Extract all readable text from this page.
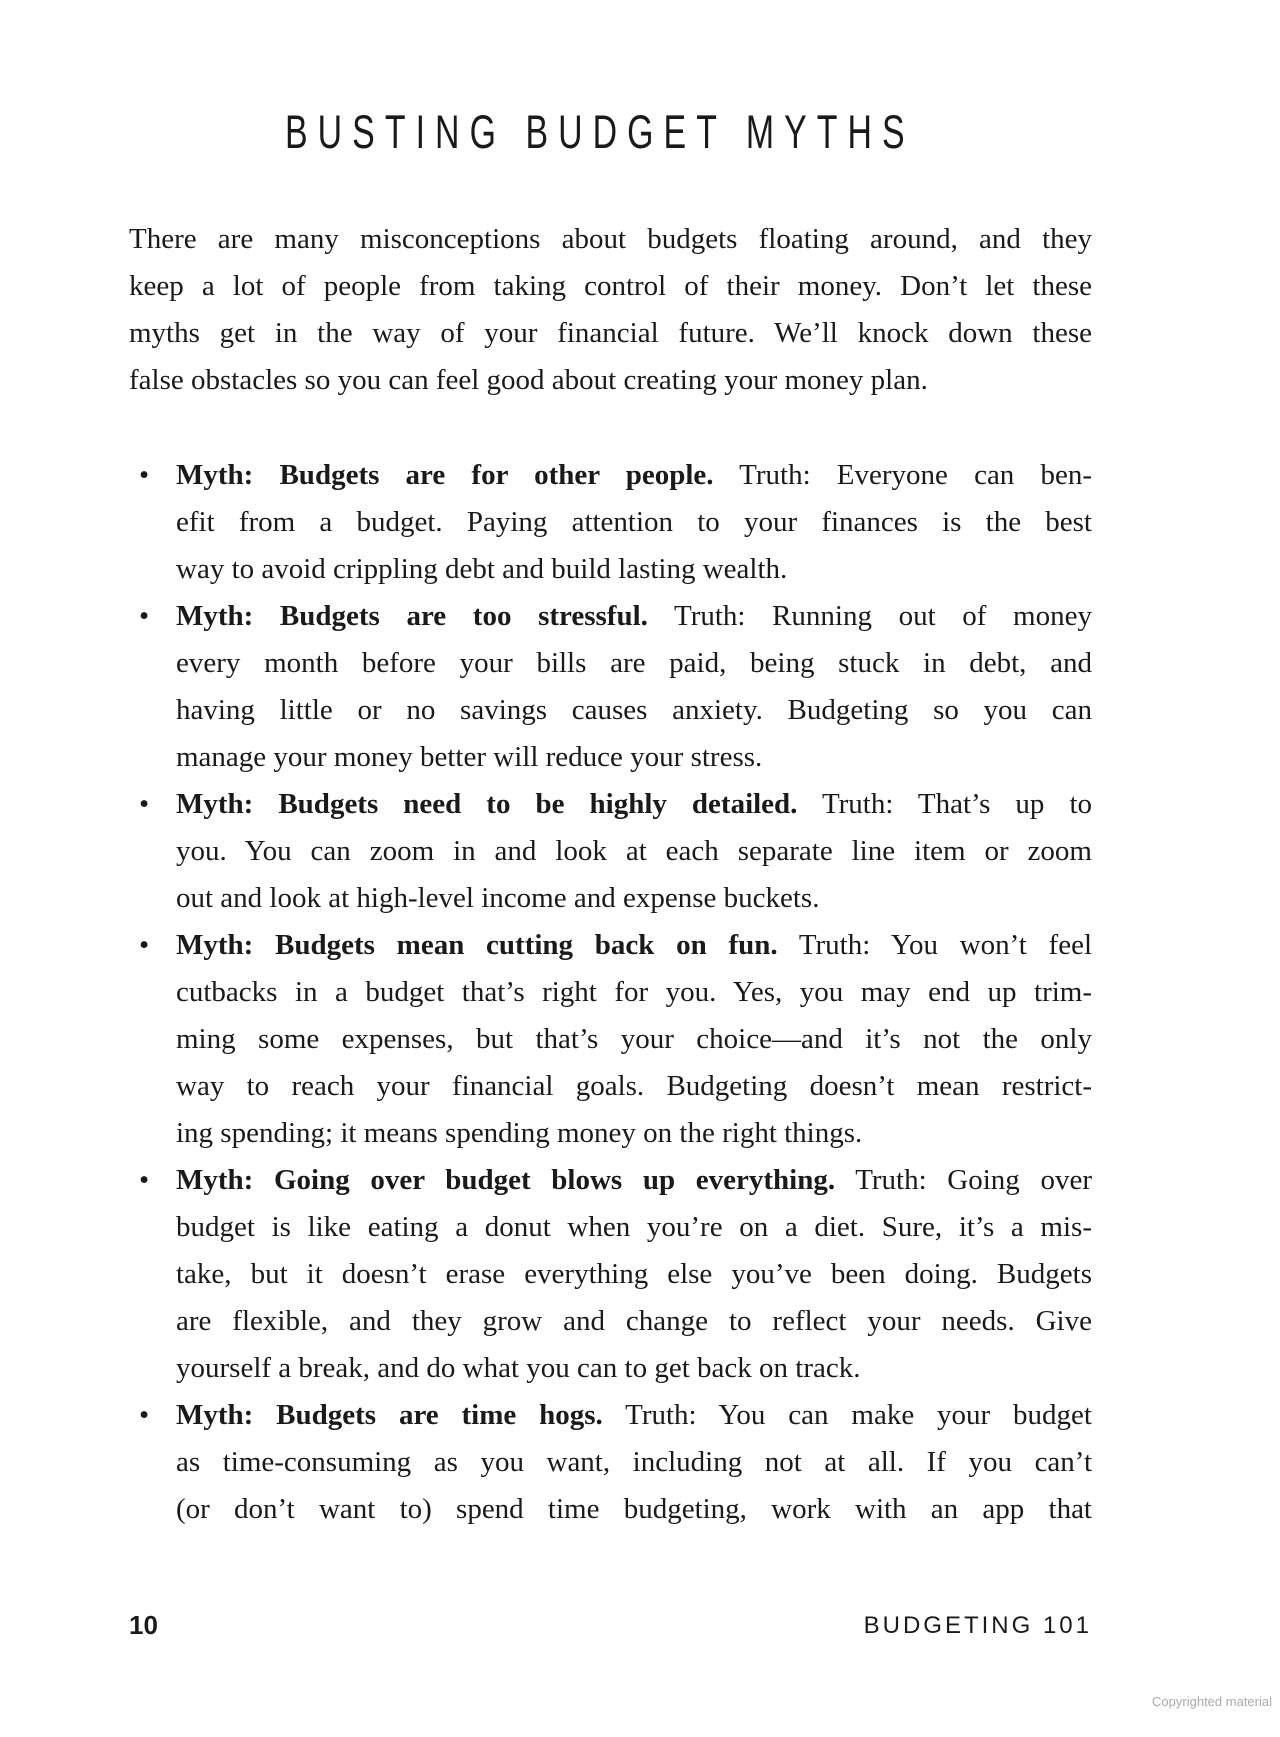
BUSTING BUDGET MYTHS
There are many misconceptions about budgets floating around, and they
keep a lot of people from taking control of their money. Don’t let these
myths get in the way of your financial future. We’ll knock down these
false obstacles so you can feel good about creating your money plan.
• Myth: Budgets are for other people. Truth: Everyone can ben-
efit from a budget. Paying attention to your finances is the best
way to avoid crippling debt and build lasting wealth.
• Myth: Budgets are too stressful. Truth: Running out of money
every month before your bills are paid, being stuck in debt, and
having little or no savings causes anxiety. Budgeting so you can
manage your money better will reduce your stress.
• Myth: Budgets need to be highly detailed. Truth: That’s up to
you. You can zoom in and look at each separate line item or zoom
out and look at high-level income and expense buckets.
• Myth: Budgets mean cutting back on fun. Truth: You won’t feel
cutbacks in a budget that’s right for you. Yes, you may end up trim-
ming some expenses, but that’s your choice—and it’s not the only
way to reach your financial goals. Budgeting doesn’t mean restrict-
ing spending; it means spending money on the right things.
• Myth: Going over budget blows up everything. Truth: Going over
budget is like eating a donut when you’re on a diet. Sure, it’s a mis-
take, but it doesn’t erase everything else you’ve been doing. Budgets
are flexible, and they grow and change to reflect your needs. Give
yourself a break, and do what you can to get back on track.
• Myth: Budgets are time hogs. Truth: You can make your budget
as time-consuming as you want, including not at all. If you can’t
(or don’t want to) spend time budgeting, work with an app that
10	BUDGETING 101
Copyrighted material
